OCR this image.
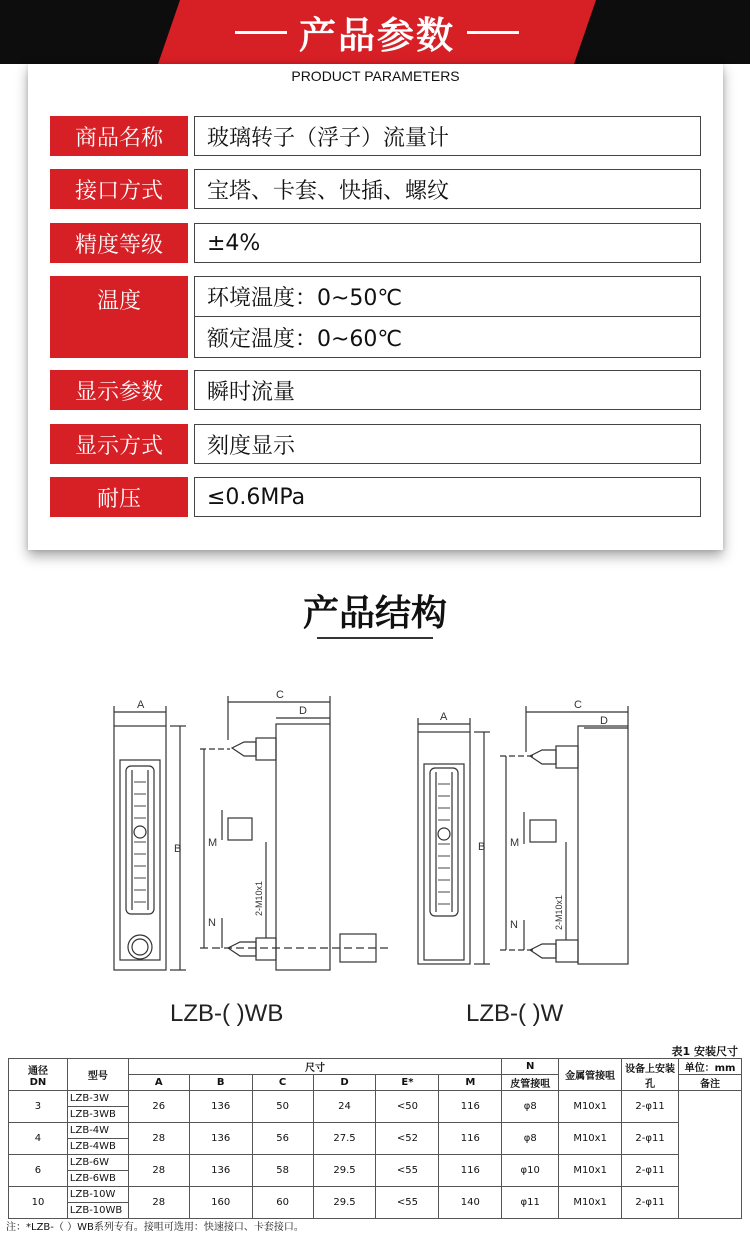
产品参数
PRODUCT PARAMETERS
商品名称	玻璃转子（浮子）流量计
接口方式	宝塔、卡套、快插、螺纹
精度等级	±4%
温度	环境温度：0~50℃
额定温度：0~60℃
显示参数	瞬时流量
显示方式	刻度显示
耐压	≤0.6MPa
产品结构
A
B
C
D
M
N
2-M10x1
A
B
C
D
M
N	2-M10x1
LZB-( )WB	LZB-( )W
表1 安装尺寸
通径
DN	型号	尺寸						N	金属管接咀	设备上安装孔	单位：mm
		A	B	C	D	E*	M	皮管接咀			备注
3	LZB-3W	26	136	50	24	<50	116	φ8	M10x1	2-φ11	
	LZB-3WB										
4	LZB-4W	28	136	56	27.5	<52	116	φ8	M10x1	2-φ11	
	LZB-4WB										
6	LZB-6W	28	136	58	29.5	<55	116	φ10	M10x1	2-φ11	
	LZB-6WB										
10	LZB-10W	28	160	60	29.5	<55	140	φ11	M10x1	2-φ11	
	LZB-10WB										
注：*LZB-（ ）WB系列专有。接咀可选用：快速接口、卡套接口。
